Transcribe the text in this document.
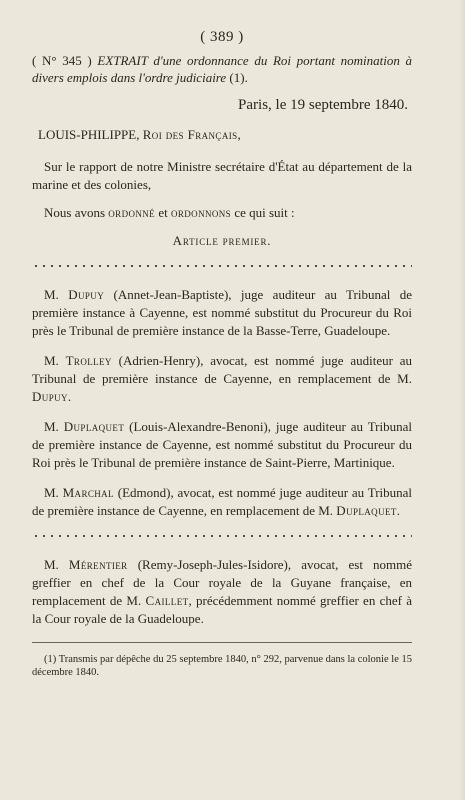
( 389 )

( N° 345 ) EXTRAIT d'une ordonnance du Roi portant nomination à divers emplois dans l'ordre judiciaire (1).

Paris, le 19 septembre 1840.

LOUIS-PHILIPPE, Roi des Français,

Sur le rapport de notre Ministre secrétaire d'État au département de la marine et des colonies,

Nous avons ordonné et ordonnons ce qui suit :

Article premier.

M. Dupuy (Annet-Jean-Baptiste), juge auditeur au Tribunal de première instance à Cayenne, est nommé substitut du Procureur du Roi près le Tribunal de première instance de la Basse-Terre, Guadeloupe.

M. Trolley (Adrien-Henry), avocat, est nommé juge auditeur au Tribunal de première instance de Cayenne, en remplacement de M. Dupuy.

M. Duplaquet (Louis-Alexandre-Benoni), juge auditeur au Tribunal de première instance de Cayenne, est nommé substitut du Procureur du Roi près le Tribunal de première instance de Saint-Pierre, Martinique.

M. Marchal (Edmond), avocat, est nommé juge auditeur au Tribunal de première instance de Cayenne, en remplacement de M. Duplaquet.

M. Mérentier (Remy-Joseph-Jules-Isidore), avocat, est nommé greffier en chef de la Cour royale de la Guyane française, en remplacement de M. Caillet, précédemment nommé greffier en chef à la Cour royale de la Guadeloupe.

(1) Transmis par dépêche du 25 septembre 1840, n° 292, parvenue dans la colonie le 15 décembre 1840.
